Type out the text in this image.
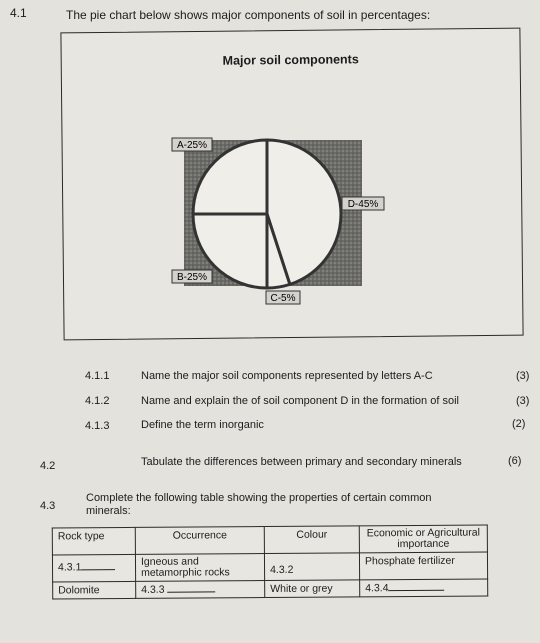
4.1	The pie chart below shows major components of soil in percentages:
Major soil components
A-25%
D-45%
B-25%
C-5%
4.1.1	Name the major soil components represented by letters A-C	(3)
4.1.2	Name and explain the of soil component D in the formation of soil	(3)
4.1.3	Define the term inorganic	(2)
4.2	Tabulate the differences between primary and secondary minerals	(6)
4.3
Complete the following table showing the properties of certain common
minerals:
Rock type	Occurrence	Colour	Economic or Agricultural importance
4.3.1	Igneous and metamorphic rocks	4.3.2	Phosphate fertilizer
Dolomite	4.3.3	White or grey	4.3.4
